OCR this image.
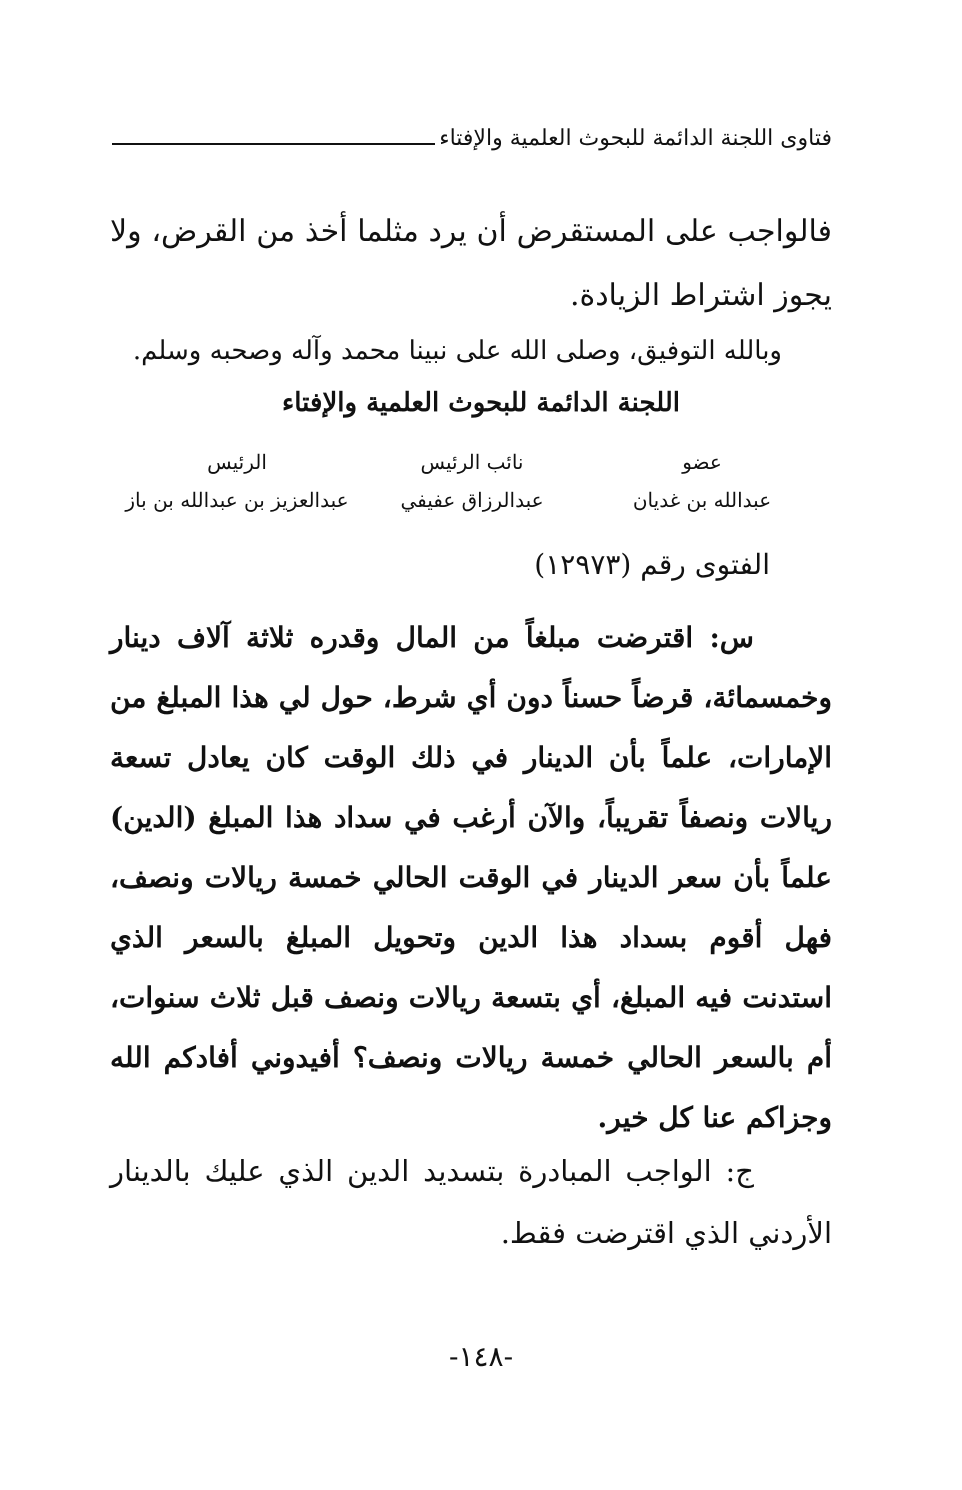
فتاوى اللجنة الدائمة للبحوث العلمية والإفتاء

فالواجب على المستقرض أن يرد مثلما أخذ من القرض، ولا يجوز اشتراط الزيادة.

وبالله التوفيق، وصلى الله على نبينا محمد وآله وصحبه وسلم.
اللجنة الدائمة للبحوث العلمية والإفتاء
عضو
عبدالله بن غديان
نائب الرئيس
عبدالرزاق عفيفي
الرئيس
عبدالعزيز بن عبدالله بن باز
الفتوى رقم (١٢٩٧٣)

س: اقترضت مبلغاً من المال وقدره ثلاثة آلاف دينار وخمسمائة، قرضاً حسناً دون أي شرط، حول لي هذا المبلغ من الإمارات، علماً بأن الدينار في ذلك الوقت كان يعادل تسعة ريالات ونصفاً تقريباً، والآن أرغب في سداد هذا المبلغ (الدين) علماً بأن سعر الدينار في الوقت الحالي خمسة ريالات ونصف، فهل أقوم بسداد هذا الدين وتحويل المبلغ بالسعر الذي استدنت فيه المبلغ، أي بتسعة ريالات ونصف قبل ثلاث سنوات، أم بالسعر الحالي خمسة ريالات ونصف؟ أفيدوني أفادكم الله وجزاكم عنا كل خير.

ج: الواجب المبادرة بتسديد الدين الذي عليك بالدينار الأردني الذي اقترضت فقط.

-١٤٨-
